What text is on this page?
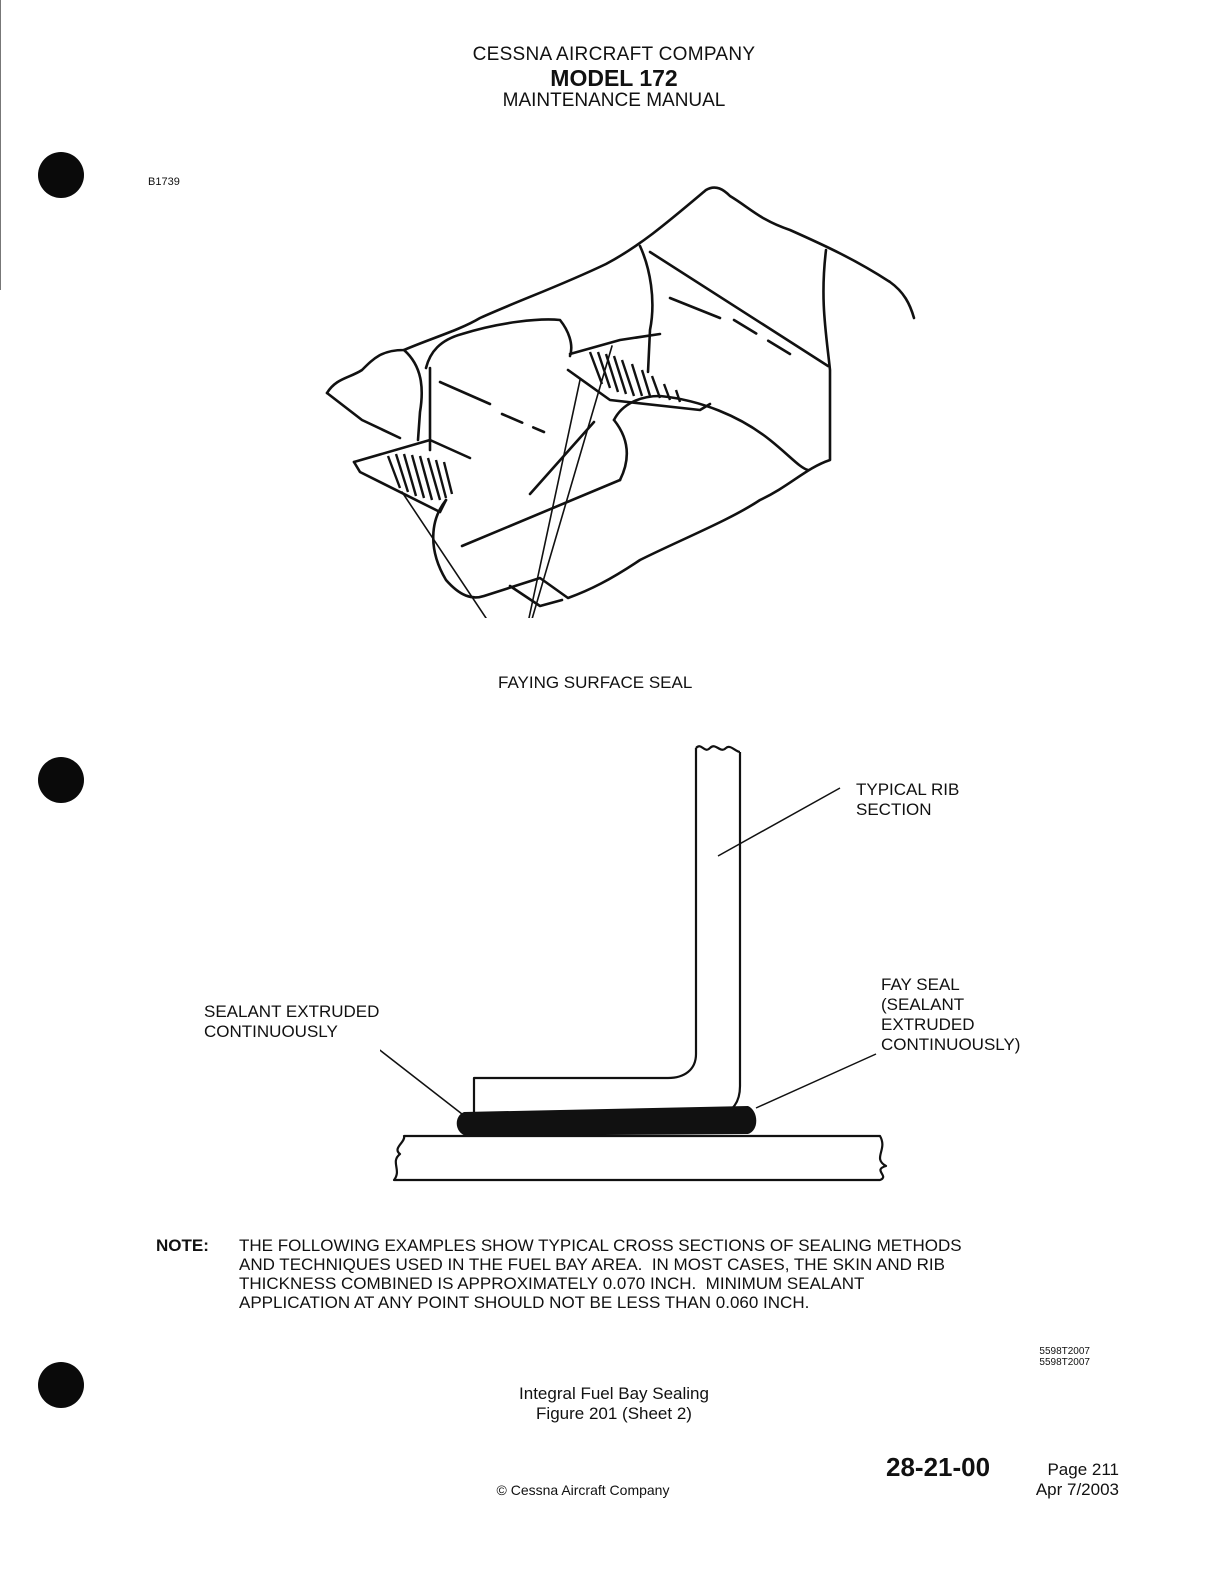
CESSNA AIRCRAFT COMPANY
MODEL 172
MAINTENANCE MANUAL
B1739
FAYING SURFACE SEAL
TYPICAL RIB
SECTION
FAY SEAL
(SEALANT
EXTRUDED
CONTINUOUSLY)
SEALANT EXTRUDED
CONTINUOUSLY
NOTE: THE FOLLOWING EXAMPLES SHOW TYPICAL CROSS SECTIONS OF SEALING METHODS
AND TECHNIQUES USED IN THE FUEL BAY AREA.  IN MOST CASES, THE SKIN AND RIB
THICKNESS COMBINED IS APPROXIMATELY 0.070 INCH.  MINIMUM SEALANT
APPLICATION AT ANY POINT SHOULD NOT BE LESS THAN 0.060 INCH.
5598T2007
5598T2007
Integral Fuel Bay Sealing
Figure 201 (Sheet 2)
28-21-00	Page 211
Apr 7/2003
© Cessna Aircraft Company
